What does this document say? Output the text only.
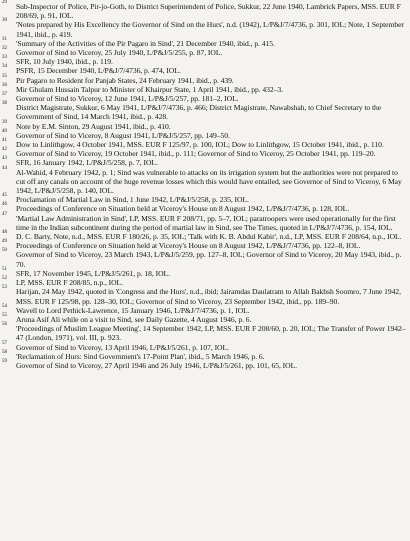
29	Sub-Inspector of Police, Pir-jo-Goth, to District Superintendent of Police, Sukkur, 22 June 1940, Lambrick Papers, MSS. EUR F 208/69, p. 91, IOL.
30	'Notes prepared by His Excellency the Governor of Sind on the Hurs', n.d. (1942), L/P&J/7/4736, p. 301, IOL; Note, 1 September 1941, ibid., p. 419.
31	'Summary of the Activities of the Pir Pagaro in Sind', 21 December 1940, ibid., p. 415.
32	Governor of Sind to Viceroy, 25 July 1940, L/P&J/5/255, p. 87, IOL.
33	SFR, 10 July 1940, ibid., p. 119.
34	PSFR, 15 December 1940, L/P&J/7/4736, p. 474, IOL.
35	Pir Pagaro to Resident for Panjab States, 24 February 1941, ibid., p. 439.
36	Mir Ghulam Hussain Talpur to Minister of Khairpur State, 1 April 1941, ibid., pp. 432–3.
37	Governor of Sind to Viceroy, 12 June 1941, L/P&J/5/257, pp. 181–2, IOL.
38	District Magistrate, Sukkur, 6 May 1941, L/P&J/7/4736, p. 466; District Magistrate, Nawabshah, to Chief Secretary to the Government of Sind, 14 March 1941, ibid., p. 428.
39	Note by E.M. Sinton, 29 August 1941, ibid., p. 410.
40	Governor of Sind to Viceroy, 8 August 1941, L/P&J/5/257, pp. 149–50.
41	Dow to Linlithgow, 4 October 1941, MSS. EUR F 125/97, p. 100, IOL; Dow to Linlithgow, 15 October 1941, ibid., p. 110.
42	Governor of Sind to Viceroy, 19 October 1941, ibid., p. 111; Governor of Sind to Viceroy, 25 October 1941, pp. 119–20.
43	SFR, 16 January 1942, L/P&J/5/258, p. 7, IOL.
44	Al-Wahid, 4 February 1942, p. 1; Sind was vulnerable to attacks on its irrigation system but the authorities were not prepared to cut off any canals on account of the huge revenue losses which this would have entailed, see Governor of Sind to Viceroy, 6 May 1942, L/P&J/5/258, p. 140, IOL.
45	Proclamation of Martial Law in Sind, 1 June 1942, L/P&J/5/258, p. 235, IOL.
46	Proceedings of Conference on Situation held at Viceroy's House on 8 August 1942, L/P&J/7/4736, p. 128, IOL.
47	'Martial Law Administration in Sind', LP, MSS. EUR F 208/71, pp. 5–7, IOL; paratroopers were used operationally for the first time in the Indian subcontinent during the period of martial law in Sind, see The Times, quoted in L/P&J/7/4736, p. 154, IOL.
48	D. C. Barty, Note, n.d., MSS. EUR F 180/26, p. 35, IOL; 'Talk with K. B. Abdul Kabir', n.d., LP, MSS. EUR F 208/64, n.p., IOL.
49	Proceedings of Conference on Situation held at Viceroy's House on 8 August 1942, L/P&J/7/4736, pp. 122–8, IOL.
50	Governor of Sind to Viceroy, 23 March 1943, L/P&J/5/259, pp. 127–8, IOL; Governor of Sind to Viceroy, 20 May 1943, ibid., p. 70.
51	SFR, 17 November 1945, L/P&J/5/261, p. 18, IOL.
52	LP, MSS. EUR F 208/85, n.p., IOL.
53	Harijan, 24 May 1942, quoted in 'Congress and the Hurs', n.d., ibid; Jairamdas Daulatram to Allah Bakhsh Soomro, 7 June 1942, MSS. EUR F 125/98, pp. 128–30, IOL; Governor of Sind to Viceroy, 23 September 1942, ibid., pp. 189–90.
54	Wavell to Lord Pethick-Lawrence, 15 January 1946, L/P&J/7/4736, p. 1, IOL.
55	Aruna Asif Ali while on a visit to Sind, see Daily Gazette, 4 August 1946, p. 6.
56	'Proceedings of Muslim League Meeting', 14 September 1942, LP, MSS. EUR F 208/60, p. 20, IOL; The Transfer of Power 1942–47 (London, 1971), vol. III, p. 923.
57	Governor of Sind to Viceroy, 13 April 1946, L/P&J/5/261, p. 107, IOL.
58	'Reclamation of Hurs: Sind Government's 17-Point Plan', ibid., 5 March 1946, p. 6.
59	Governor of Sind to Viceroy, 27 April 1946 and 26 July 1946, L/P&J/5/261, pp. 101, 65, IOL.
